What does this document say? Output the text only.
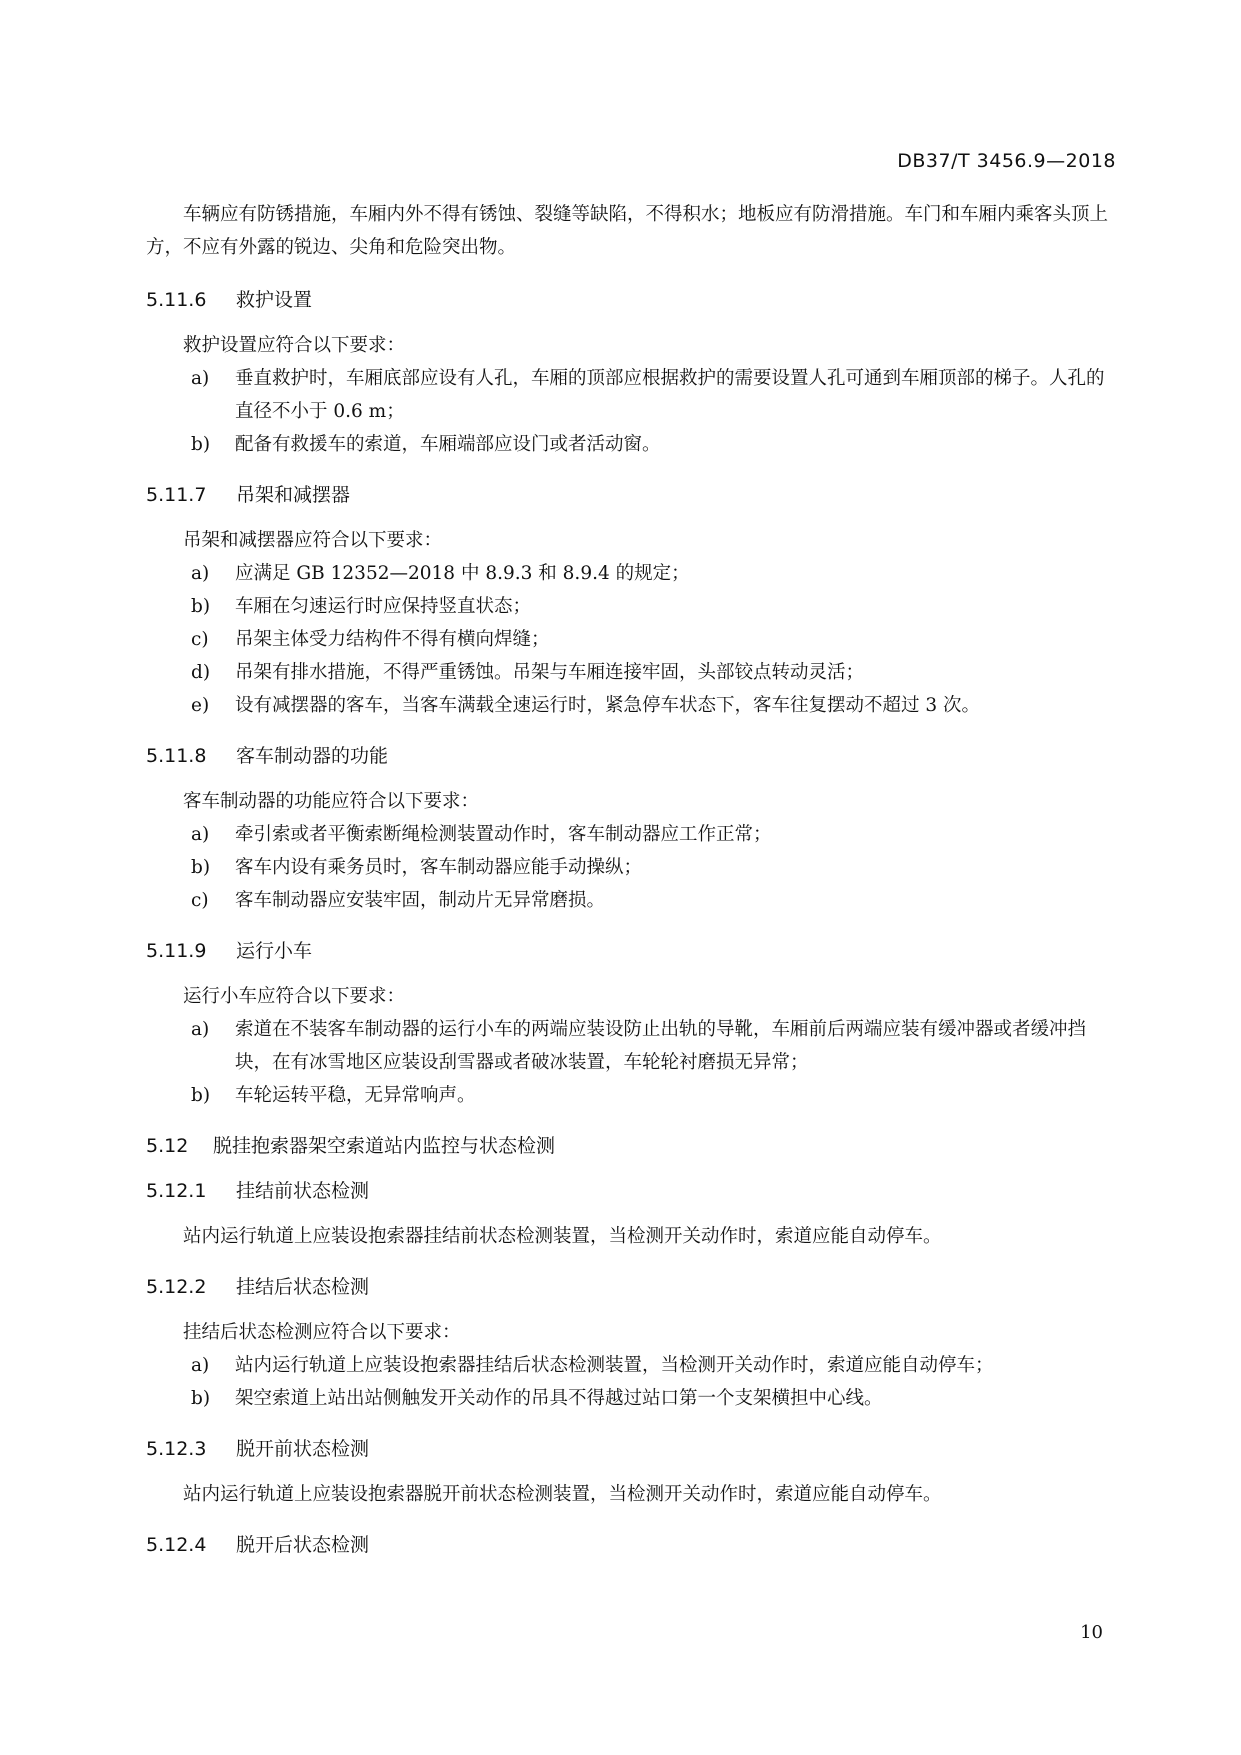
DB37/T 3456.9—2018

车辆应有防锈措施，车厢内外不得有锈蚀、裂缝等缺陷，不得积水；地板应有防滑措施。车门和车厢内乘客头顶上方，不应有外露的锐边、尖角和危险突出物。

5.11.6	救护设置

救护设置应符合以下要求：

a)	垂直救护时，车厢底部应设有人孔，车厢的顶部应根据救护的需要设置人孔可通到车厢顶部的梯子。人孔的直径不小于 0.6 m；
b)	配备有救援车的索道，车厢端部应设门或者活动窗。
5.11.7	吊架和减摆器

吊架和减摆器应符合以下要求：

a)	应满足 GB 12352—2018 中 8.9.3 和 8.9.4 的规定；
b)	车厢在匀速运行时应保持竖直状态；
c)	吊架主体受力结构件不得有横向焊缝；
d)	吊架有排水措施，不得严重锈蚀。吊架与车厢连接牢固，头部铰点转动灵活；
e)	设有减摆器的客车，当客车满载全速运行时，紧急停车状态下，客车往复摆动不超过 3 次。
5.11.8	客车制动器的功能

客车制动器的功能应符合以下要求：

a)	牵引索或者平衡索断绳检测装置动作时，客车制动器应工作正常；
b)	客车内设有乘务员时，客车制动器应能手动操纵；
c)	客车制动器应安装牢固，制动片无异常磨损。
5.11.9	运行小车

运行小车应符合以下要求：

a)	索道在不装客车制动器的运行小车的两端应装设防止出轨的导靴，车厢前后两端应装有缓冲器或者缓冲挡块，在有冰雪地区应装设刮雪器或者破冰装置，车轮轮衬磨损无异常；
b)	车轮运转平稳，无异常响声。
5.12	脱挂抱索器架空索道站内监控与状态检测
5.12.1	挂结前状态检测

站内运行轨道上应装设抱索器挂结前状态检测装置，当检测开关动作时，索道应能自动停车。

5.12.2	挂结后状态检测

挂结后状态检测应符合以下要求：

a)	站内运行轨道上应装设抱索器挂结后状态检测装置，当检测开关动作时，索道应能自动停车；
b)	架空索道上站出站侧触发开关动作的吊具不得越过站口第一个支架横担中心线。
5.12.3	脱开前状态检测

站内运行轨道上应装设抱索器脱开前状态检测装置，当检测开关动作时，索道应能自动停车。

5.12.4	脱开后状态检测
10
